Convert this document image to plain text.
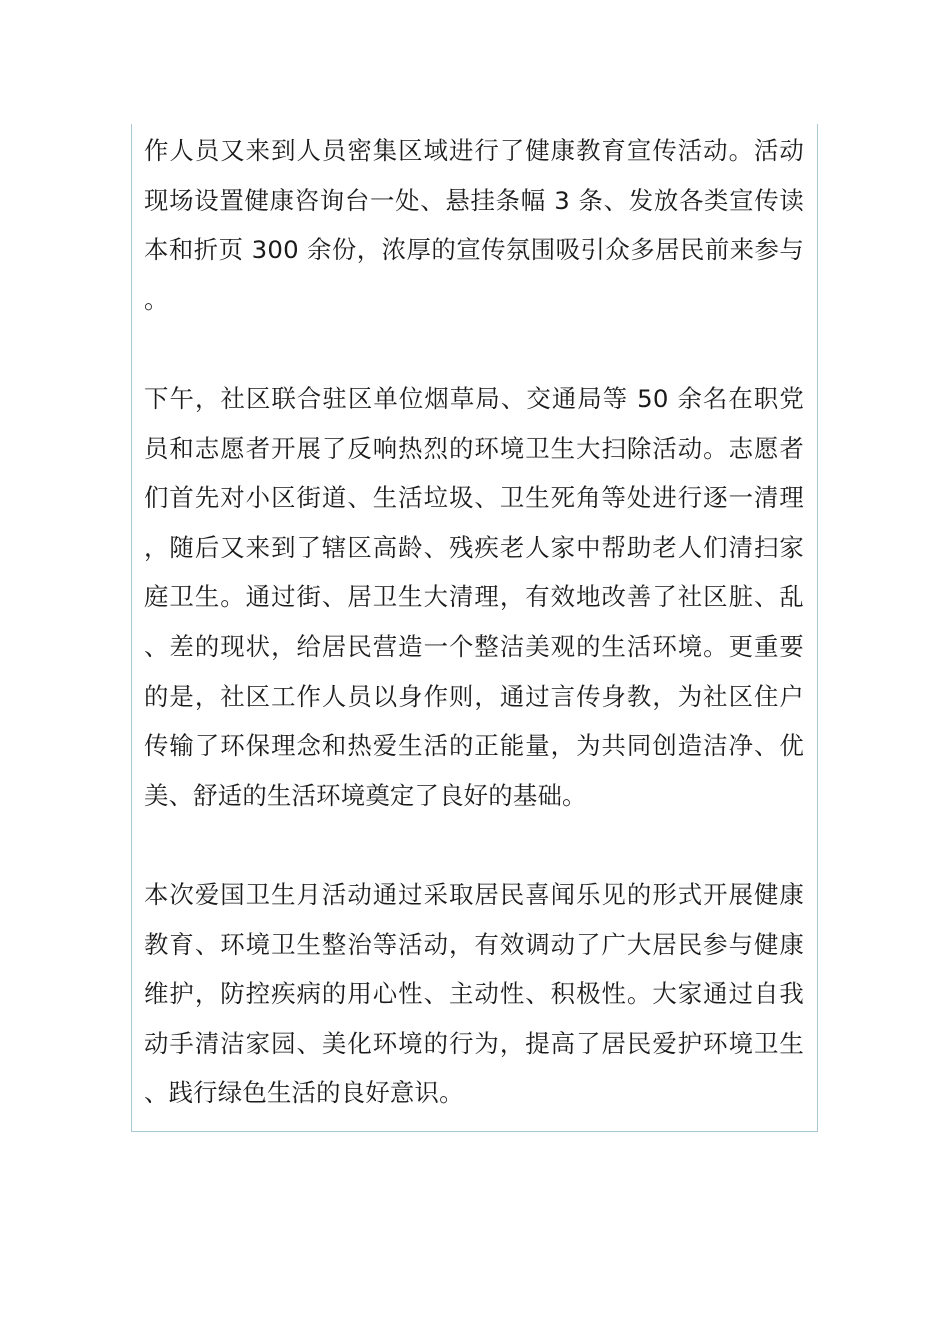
作人员又来到人员密集区域进行了健康教育宣传活动。活动现场设置健康咨询台一处、悬挂条幅 3 条、发放各类宣传读本和折页 300 余份，浓厚的宣传氛围吸引众多居民前来参与。

下午，社区联合驻区单位烟草局、交通局等 50 余名在职党员和志愿者开展了反响热烈的环境卫生大扫除活动。志愿者们首先对小区街道、生活垃圾、卫生死角等处进行逐一清理，随后又来到了辖区高龄、残疾老人家中帮助老人们清扫家庭卫生。通过街、居卫生大清理，有效地改善了社区脏、乱、差的现状，给居民营造一个整洁美观的生活环境。更重要的是，社区工作人员以身作则，通过言传身教，为社区住户传输了环保理念和热爱生活的正能量，为共同创造洁净、优美、舒适的生活环境奠定了良好的基础。

本次爱国卫生月活动通过采取居民喜闻乐见的形式开展健康教育、环境卫生整治等活动，有效调动了广大居民参与健康维护，防控疾病的用心性、主动性、积极性。大家通过自我动手清洁家园、美化环境的行为，提高了居民爱护环境卫生、践行绿色生活的良好意识。
